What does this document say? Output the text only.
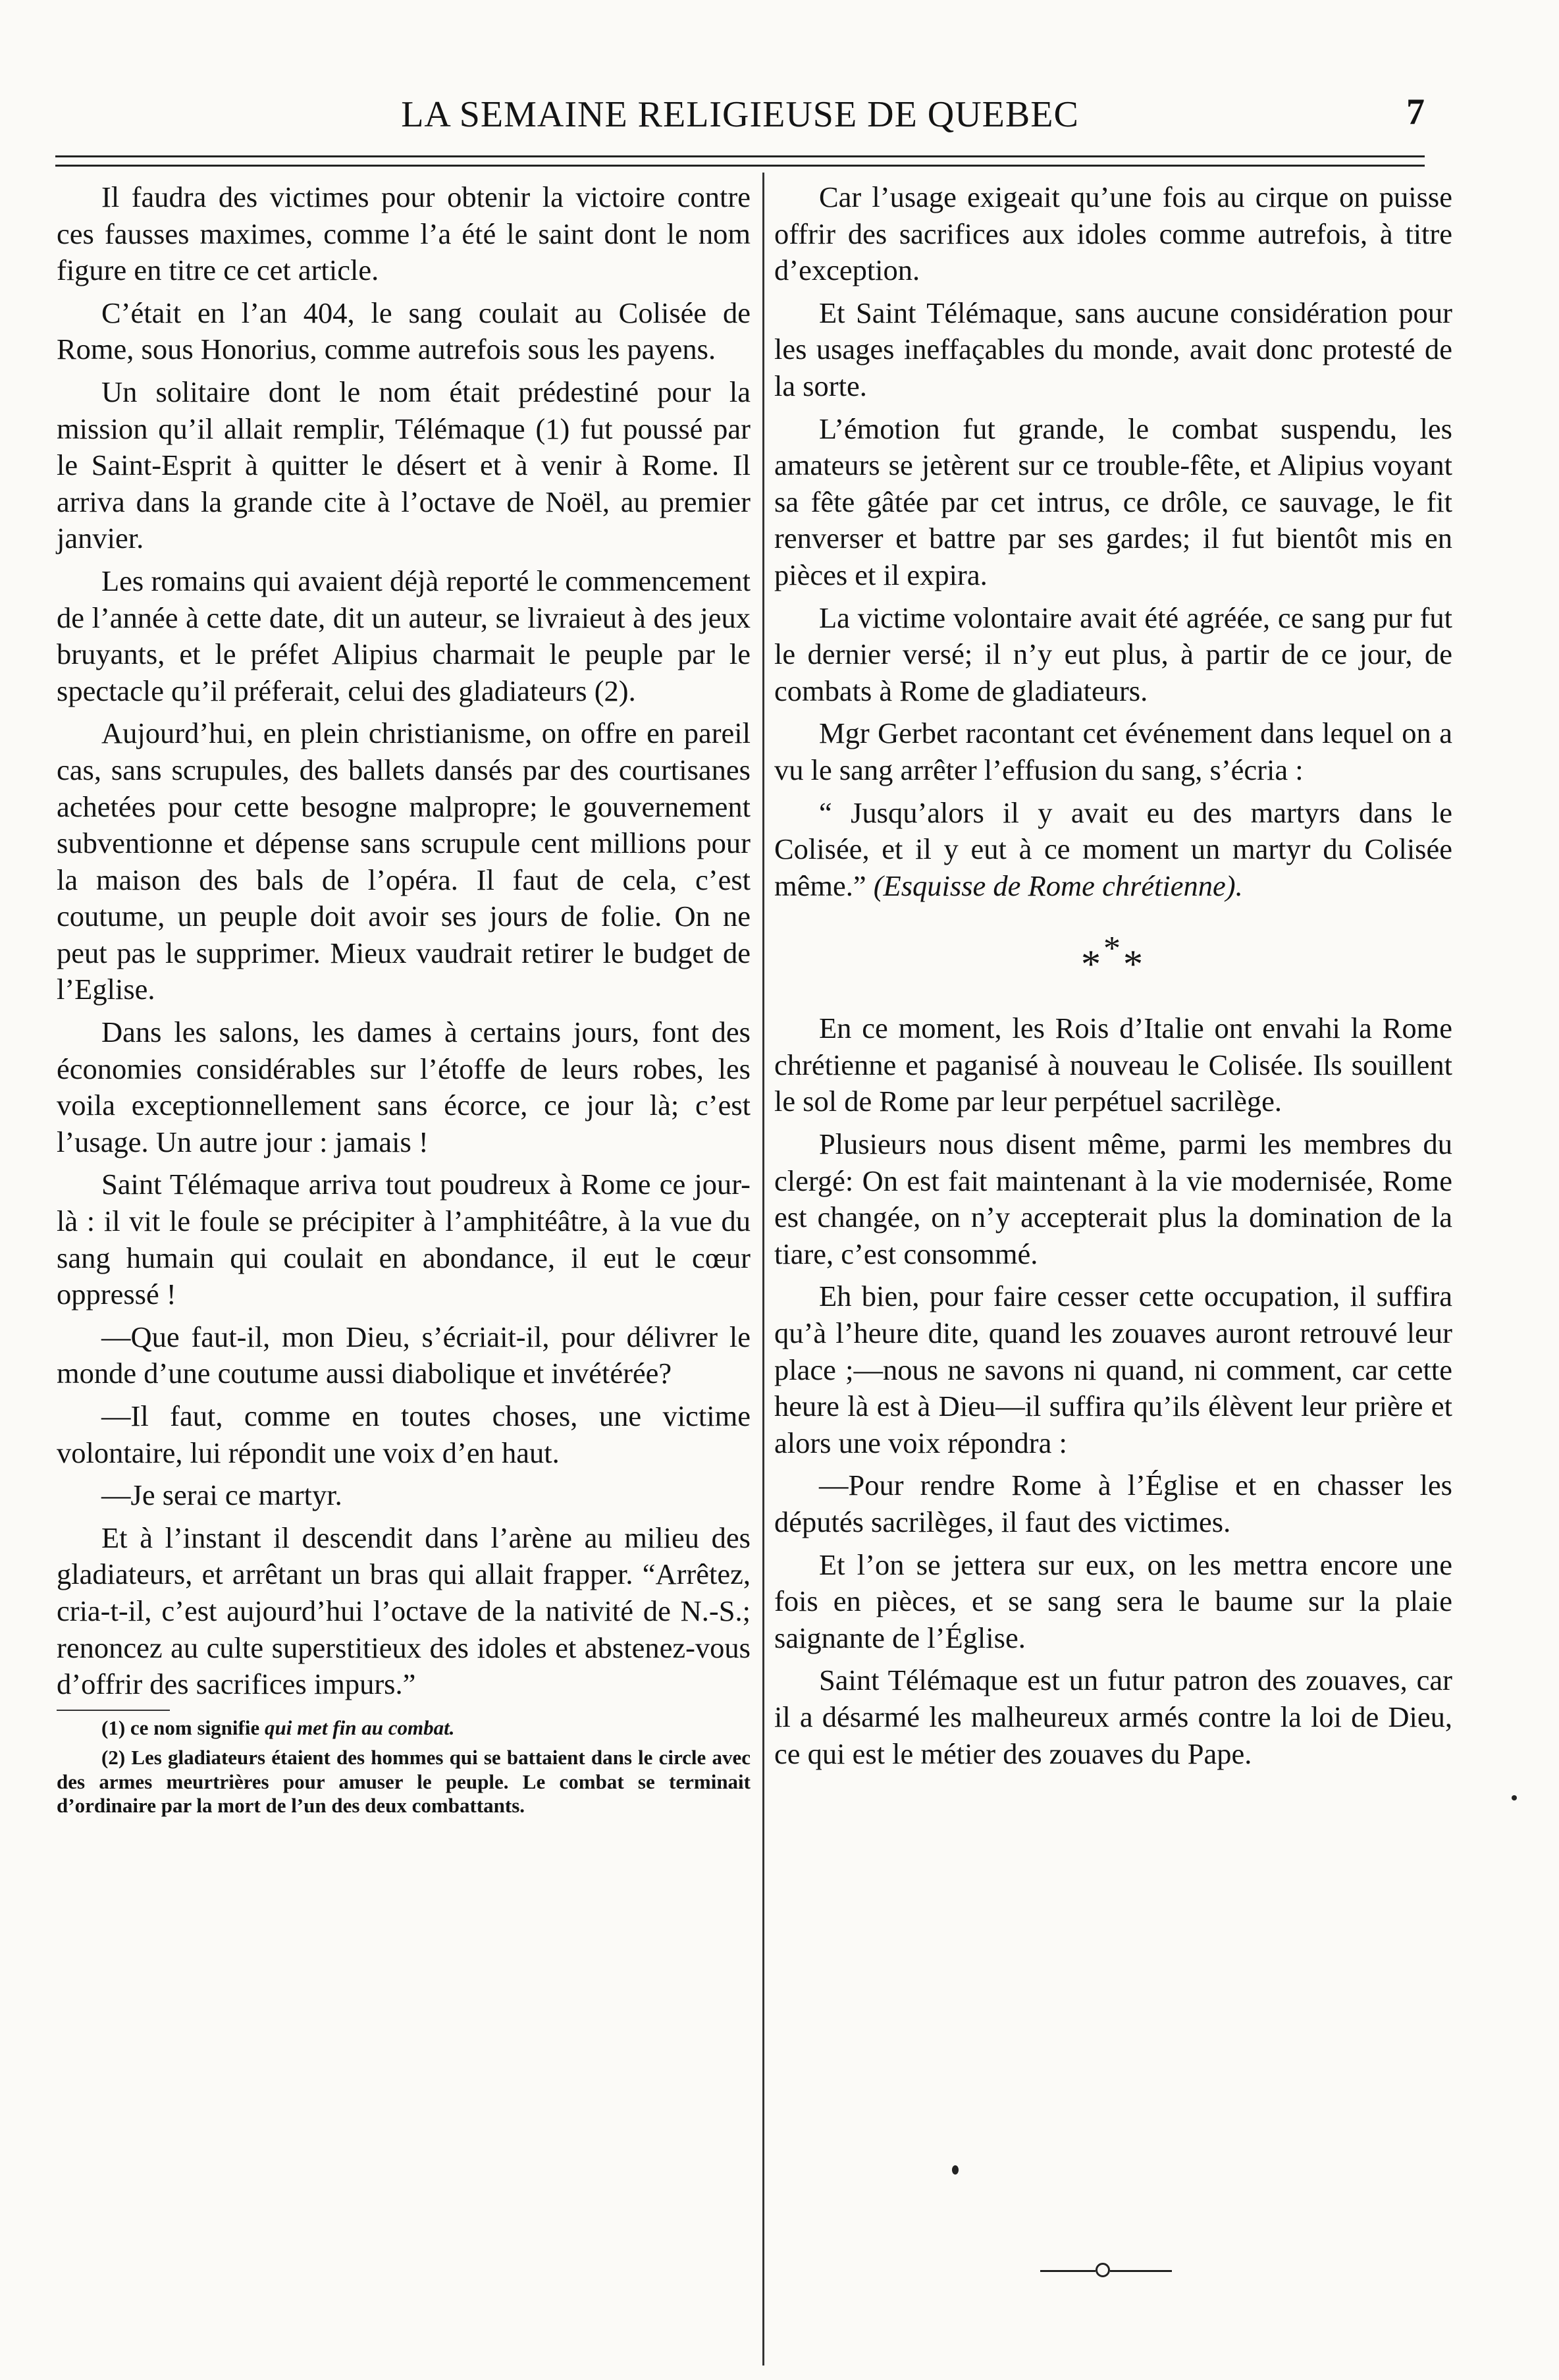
LA SEMAINE RELIGIEUSE DE QUEBEC	7

Il faudra des victimes pour obtenir la victoire contre ces fausses maximes, comme l’a été le saint dont le nom figure en titre ce cet article.

C’était en l’an 404, le sang coulait au Colisée de Rome, sous Honorius, comme autrefois sous les payens.

Un solitaire dont le nom était prédestiné pour la mission qu’il allait remplir, Télémaque (1) fut poussé par le Saint-Esprit à quitter le désert et à venir à Rome. Il arriva dans la grande cite à l’octave de Noël, au premier janvier.

Les romains qui avaient déjà reporté le commencement de l’année à cette date, dit un auteur, se livraieut à des jeux bruyants, et le préfet Alipius charmait le peuple par le spectacle qu’il préferait, celui des gladiateurs (2).

Aujourd’hui, en plein christianisme, on offre en pareil cas, sans scrupules, des ballets dansés par des courtisanes achetées pour cette besogne malpropre; le gouvernement subventionne et dépense sans scrupule cent millions pour la maison des bals de l’opéra. Il faut de cela, c’est coutume, un peuple doit avoir ses jours de folie. On ne peut pas le supprimer. Mieux vaudrait retirer le budget de l’Eglise.

Dans les salons, les dames à certains jours, font des économies considérables sur l’étoffe de leurs robes, les voila exceptionnellement sans écorce, ce jour là; c’est l’usage. Un autre jour : jamais !

Saint Télémaque arriva tout poudreux à Rome ce jour-là : il vit le foule se précipiter à l’amphitéâtre, à la vue du sang humain qui coulait en abondance, il eut le cœur oppressé !

—Que faut-il, mon Dieu, s’écriait-il, pour délivrer le monde d’une coutume aussi diabolique et invétérée?

—Il faut, comme en toutes choses, une victime volontaire, lui répondit une voix d’en haut.

—Je serai ce martyr.

Et à l’instant il descendit dans l’arène au milieu des gladiateurs, et arrêtant un bras qui allait frapper. “Arrêtez, cria-t-il, c’est aujourd’hui l’octave de la nativité de N.-S.; renoncez au culte superstitieux des idoles et abstenez-vous d’offrir des sacrifices impurs.”

(1) ce nom signifie qui met fin au combat.

(2) Les gladiateurs étaient des hommes qui se battaient dans le circle avec des armes meurtrières pour amuser le peuple. Le combat se terminait d’ordinaire par la mort de l’un des deux combattants.

Car l’usage exigeait qu’une fois au cirque on puisse offrir des sacrifices aux idoles comme autrefois, à titre d’exception.

Et Saint Télémaque, sans aucune considération pour les usages ineffaçables du monde, avait donc protesté de la sorte.

L’émotion fut grande, le combat suspendu, les amateurs se jetèrent sur ce trouble-fête, et Alipius voyant sa fête gâtée par cet intrus, ce drôle, ce sauvage, le fit renverser et battre par ses gardes; il fut bientôt mis en pièces et il expira.

La victime volontaire avait été agréée, ce sang pur fut le dernier versé; il n’y eut plus, à partir de ce jour, de combats à Rome de gladiateurs.

Mgr Gerbet racontant cet événement dans lequel on a vu le sang arrêter l’effusion du sang, s’écria :

“ Jusqu’alors il y avait eu des martyrs dans le Colisée, et il y eut à ce moment un martyr du Colisée même.” (Esquisse de Rome chrétienne).

***

En ce moment, les Rois d’Italie ont envahi la Rome chrétienne et paganisé à nouveau le Colisée. Ils souillent le sol de Rome par leur perpétuel sacrilège.

Plusieurs nous disent même, parmi les membres du clergé: On est fait maintenant à la vie modernisée, Rome est changée, on n’y accepterait plus la domination de la tiare, c’est consommé.

Eh bien, pour faire cesser cette occupation, il suffira qu’à l’heure dite, quand les zouaves auront retrouvé leur place ;—nous ne savons ni quand, ni comment, car cette heure là est à Dieu—il suffira qu’ils élèvent leur prière et alors une voix répondra :

—Pour rendre Rome à l’Église et en chasser les députés sacrilèges, il faut des victimes.

Et l’on se jettera sur eux, on les mettra encore une fois en pièces, et se sang sera le baume sur la plaie saignante de l’Église.

Saint Télémaque est un futur patron des zouaves, car il a désarmé les malheureux armés contre la loi de Dieu, ce qui est le métier des zouaves du Pape.
